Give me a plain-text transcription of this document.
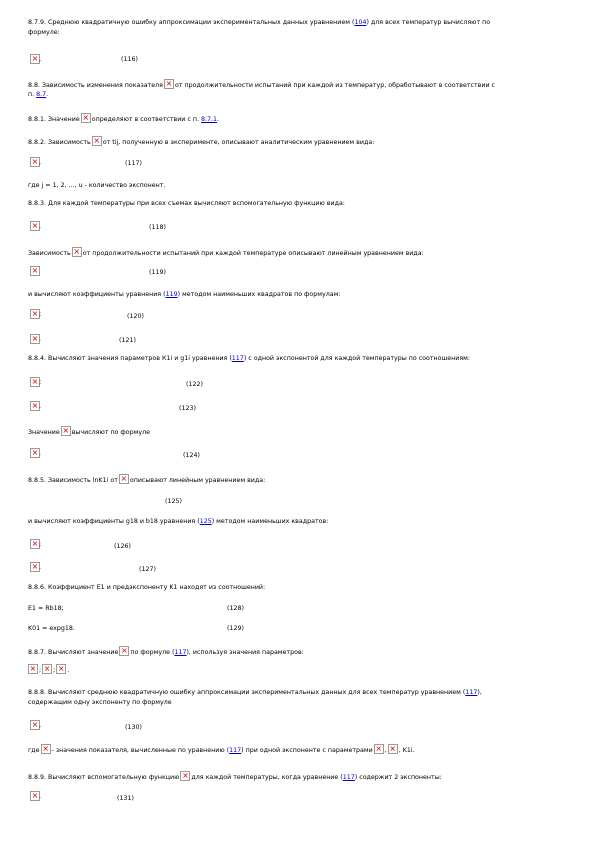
8.7.9. Среднюю квадратичную ошибку аппроксимации экспериментальных данных уравнением (104) для всех температур вычисляют по
формуле:
×
,	(116)
8.8. Зависимость изменения показателя × от продолжительности испытаний при каждой из температур, обработывают в соответствии с
п. 8.7.
8.8.1. Значение × определяют в соответствии с п. 8.7.1.
8.8.2. Зависимость × от tij, полученную в эксперименте, описывают аналитическим уравнением вида:
×
,	(117)
где j = 1, 2, ..., u - количество экспонент.
8.8.3. Для каждой температуры при всех съемах вычисляют вспомогательную функцию вида:
×
.	(118)
Зависимость × от продолжительности испытаний при каждой температуре описывают линейным уравнением вида:
×
(119)
и вычисляют коэффициенты уравнения (119) методом наименьших квадратов по формулам:
×
;	(120)
×
.	(121)
8.8.4. Вычисляют значения параметров К1i и g1i уравнения (117) с одной экспонентой для каждой температуры по соотношениям:
×
;	(122)
×
.	(123)
Значение × вычисляют по формуле
×
.	(124)
8.8.5. Зависимость lnK1i от × описывают линейным уравнением вида:
(125)
и вычисляют коэффициенты g18 и b18 уравнения (125) методом наименьших квадратов:
×
;	(126)
×
.	(127)
8.8.6. Коэффициент Е1 и предэкспоненту K1 находят из соотношений:
E1 = Rb18;	(128)
K01 = expg18.	(129)
8.8.7. Вычисляют значение × по формуле (117), используя значения параметров:
×; × ; × .
8.8.8. Вычисляют среднюю квадратичную ошибку аппроксимации экспериментальных данных для всех температур уравнением (117),
содержащим одну экспоненту по формуле
×
,	(130)
где × - значения показателя, вычисленные по уравнению (117) при одной экспоненте с параметрами × , × , K1i.
8.8.9. Вычисляют вспомогательную функцию × для каждой температуры, когда уравнение (117) содержит 2 экспоненты:
×
.	(131)
